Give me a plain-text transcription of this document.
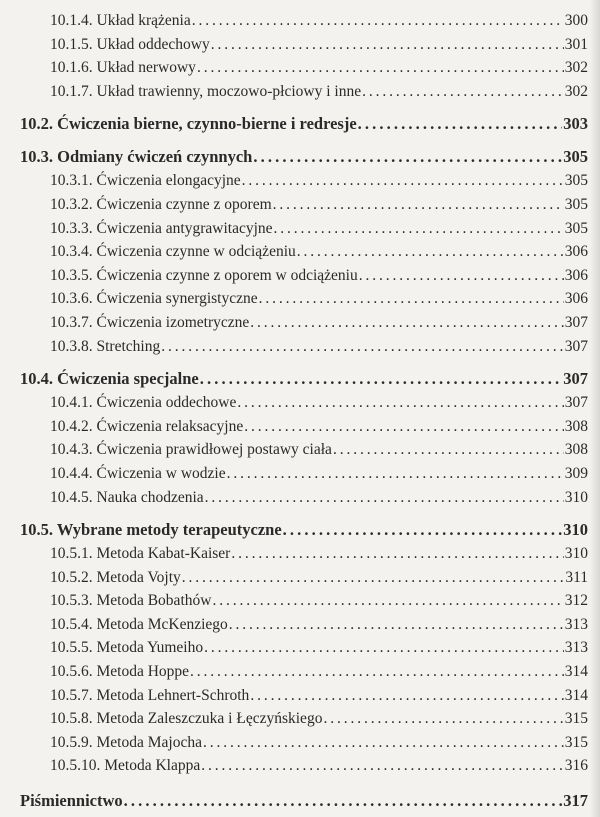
10.1.4. Układ krążenia . . .	300
10.1.5. Układ oddechowy . . .	301
10.1.6. Układ nerwowy . . .	302
10.1.7. Układ trawienny, moczowo-płciowy i inne . . .	302
10.2. Ćwiczenia bierne, czynno-bierne i redresje . . .	303
10.3. Odmiany ćwiczeń czynnych . . .	305
10.3.1. Ćwiczenia elongacyjne . . .	305
10.3.2. Ćwiczenia czynne z oporem . . .	305
10.3.3. Ćwiczenia antygrawitacyjne . . .	305
10.3.4. Ćwiczenia czynne w odciążeniu . . .	306
10.3.5. Ćwiczenia czynne z oporem w odciążeniu . . .	306
10.3.6. Ćwiczenia synergistyczne . . .	306
10.3.7. Ćwiczenia izometryczne . . .	307
10.3.8. Stretching . . .	307
10.4. Ćwiczenia specjalne . . .	307
10.4.1. Ćwiczenia oddechowe . . .	307
10.4.2. Ćwiczenia relaksacyjne . . .	308
10.4.3. Ćwiczenia prawidłowej postawy ciała . . .	308
10.4.4. Ćwiczenia w wodzie . . .	309
10.4.5. Nauka chodzenia . . .	310
10.5. Wybrane metody terapeutyczne . . .	310
10.5.1. Metoda Kabat-Kaiser . . .	310
10.5.2. Metoda Vojty . . .	311
10.5.3. Metoda Bobathów . . .	312
10.5.4. Metoda McKenziego . . .	313
10.5.5. Metoda Yumeiho . . .	313
10.5.6. Metoda Hoppe . . .	314
10.5.7. Metoda Lehnert-Schroth . . .	314
10.5.8. Metoda Zaleszczuka i Łęczyńskiego . . .	315
10.5.9. Metoda Majocha . . .	315
10.5.10. Metoda Klappa . . .	316
Piśmiennictwo . . .	317
